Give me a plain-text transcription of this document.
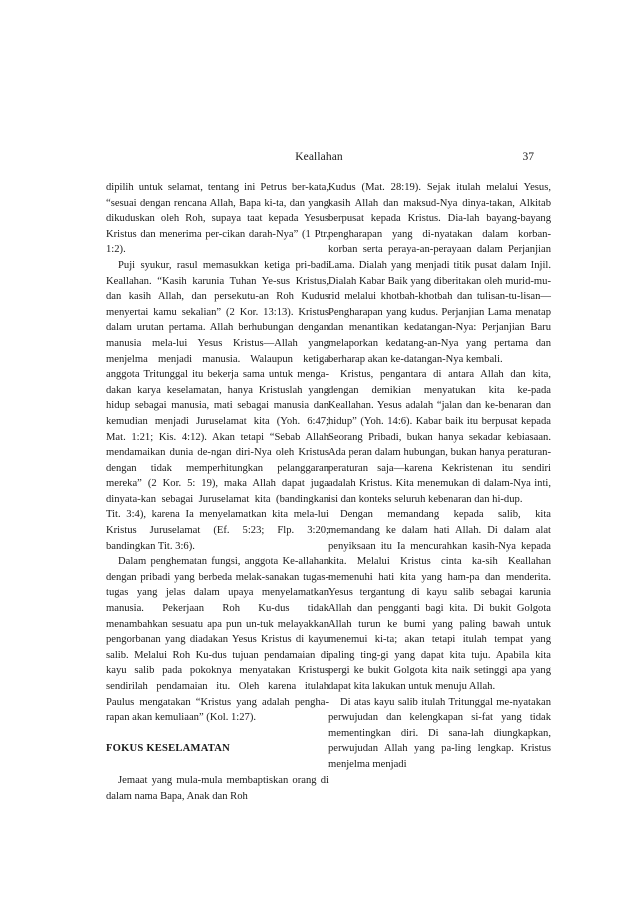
Keallahan	37

dipilih untuk selamat, tentang ini Petrus ber-kata, “sesuai dengan rencana Allah, Bapa ki-ta, dan yang dikuduskan oleh Roh, supaya taat kepada Yesus Kristus dan menerima per-cikan darah-Nya” (1 Ptr. 1:2).

Puji syukur, rasul memasukkan ketiga pri-badi Keallahan. “Kasih karunia Tuhan Ye-sus Kristus, dan kasih Allah, dan persekutu-an Roh Kudus menyertai kamu sekalian” (2 Kor. 13:13). Kristus dalam urutan pertama. Allah berhubungan dengan manusia mela-lui Yesus Kristus—Allah yang menjelma menjadi manusia. Walaupun ketiga anggota Tritunggal itu bekerja sama untuk menga-dakan karya keselamatan, hanya Kristuslah yang hidup sebagai manusia, mati sebagai manusia dan kemudian menjadi Juruselamat kita (Yoh. 6:47; Mat. 1:21; Kis. 4:12). Akan tetapi “Sebab Allah mendamaikan dunia de-ngan diri-Nya oleh Kristus dengan tidak memperhitungkan pelanggaran mereka” (2 Kor. 5: 19), maka Allah dapat juga dinyata-kan sebagai Juruselamat kita (bandingkan Tit. 3:4), karena Ia menyelamatkan kita mela-lui Kristus Juruselamat (Ef. 5:23; Flp. 3:20; bandingkan Tit. 3:6).

Dalam penghematan fungsi, anggota Ke-allahan dengan pribadi yang berbeda melak-sanakan tugas-tugas yang jelas dalam upaya menyelamatkan manusia. Pekerjaan Roh Ku-dus tidak menambahkan sesuatu apa pun un-tuk melayakkan pengorbanan yang diadakan Yesus Kristus di kayu salib. Melalui Roh Ku-dus tujuan pendamaian di kayu salib pada pokoknya menyatakan Kristus sendirilah pendamaian itu. Oleh karena itulah Paulus mengatakan “Kristus yang adalah pengha-rapan akan kemuliaan” (Kol. 1:27).

FOKUS KESELAMATAN

Jemaat yang mula-mula membaptiskan orang di dalam nama Bapa, Anak dan Roh

Kudus (Mat. 28:19). Sejak itulah melalui Yesus, kasih Allah dan maksud-Nya dinya-takan, Alkitab berpusat kepada Kristus. Dia-lah bayang-bayang pengharapan yang di-nyatakan dalam korban-korban serta peraya-an-perayaan dalam Perjanjian Lama. Dialah yang menjadi titik pusat dalam Injil. Dialah Kabar Baik yang diberitakan oleh murid-mu-rid melalui khotbah-khotbah dan tulisan-tu-lisan—Pengharapan yang kudus. Perjanjian Lama menatap dan menantikan kedatangan-Nya: Perjanjian Baru melaporkan kedatang-an-Nya yang pertama dan berharap akan ke-datangan-Nya kembali.

Kristus, pengantara di antara Allah dan kita, dengan demikian menyatukan kita ke-pada Keallahan. Yesus adalah “jalan dan ke-benaran dan hidup” (Yoh. 14:6). Kabar baik itu berpusat kepada Seorang Pribadi, bukan hanya sekadar kebiasaan. Ada peran dalam hubungan, bukan hanya peraturan-peraturan saja—karena Kekristenan itu sendiri adalah Kristus. Kita menemukan di dalam-Nya inti, isi dan konteks seluruh kebenaran dan hi-dup.

Dengan memandang kepada salib, kita memandang ke dalam hati Allah. Di dalam alat penyiksaan itu Ia mencurahkan kasih-Nya kepada kita. Melalui Kristus cinta ka-sih Keallahan memenuhi hati kita yang ham-pa dan menderita. Yesus tergantung di kayu salib sebagai karunia Allah dan pengganti bagi kita. Di bukit Golgota Allah turun ke bumi yang paling bawah untuk menemui ki-ta; akan tetapi itulah tempat yang paling ting-gi yang dapat kita tuju. Apabila kita pergi ke bukit Golgota kita naik setinggi apa yang dapat kita lakukan untuk menuju Allah.

Di atas kayu salib itulah Tritunggal me-nyatakan perwujudan dan kelengkapan si-fat yang tidak mementingkan diri. Di sana-lah diungkapkan, perwujudan Allah yang pa-ling lengkap. Kristus menjelma menjadi
